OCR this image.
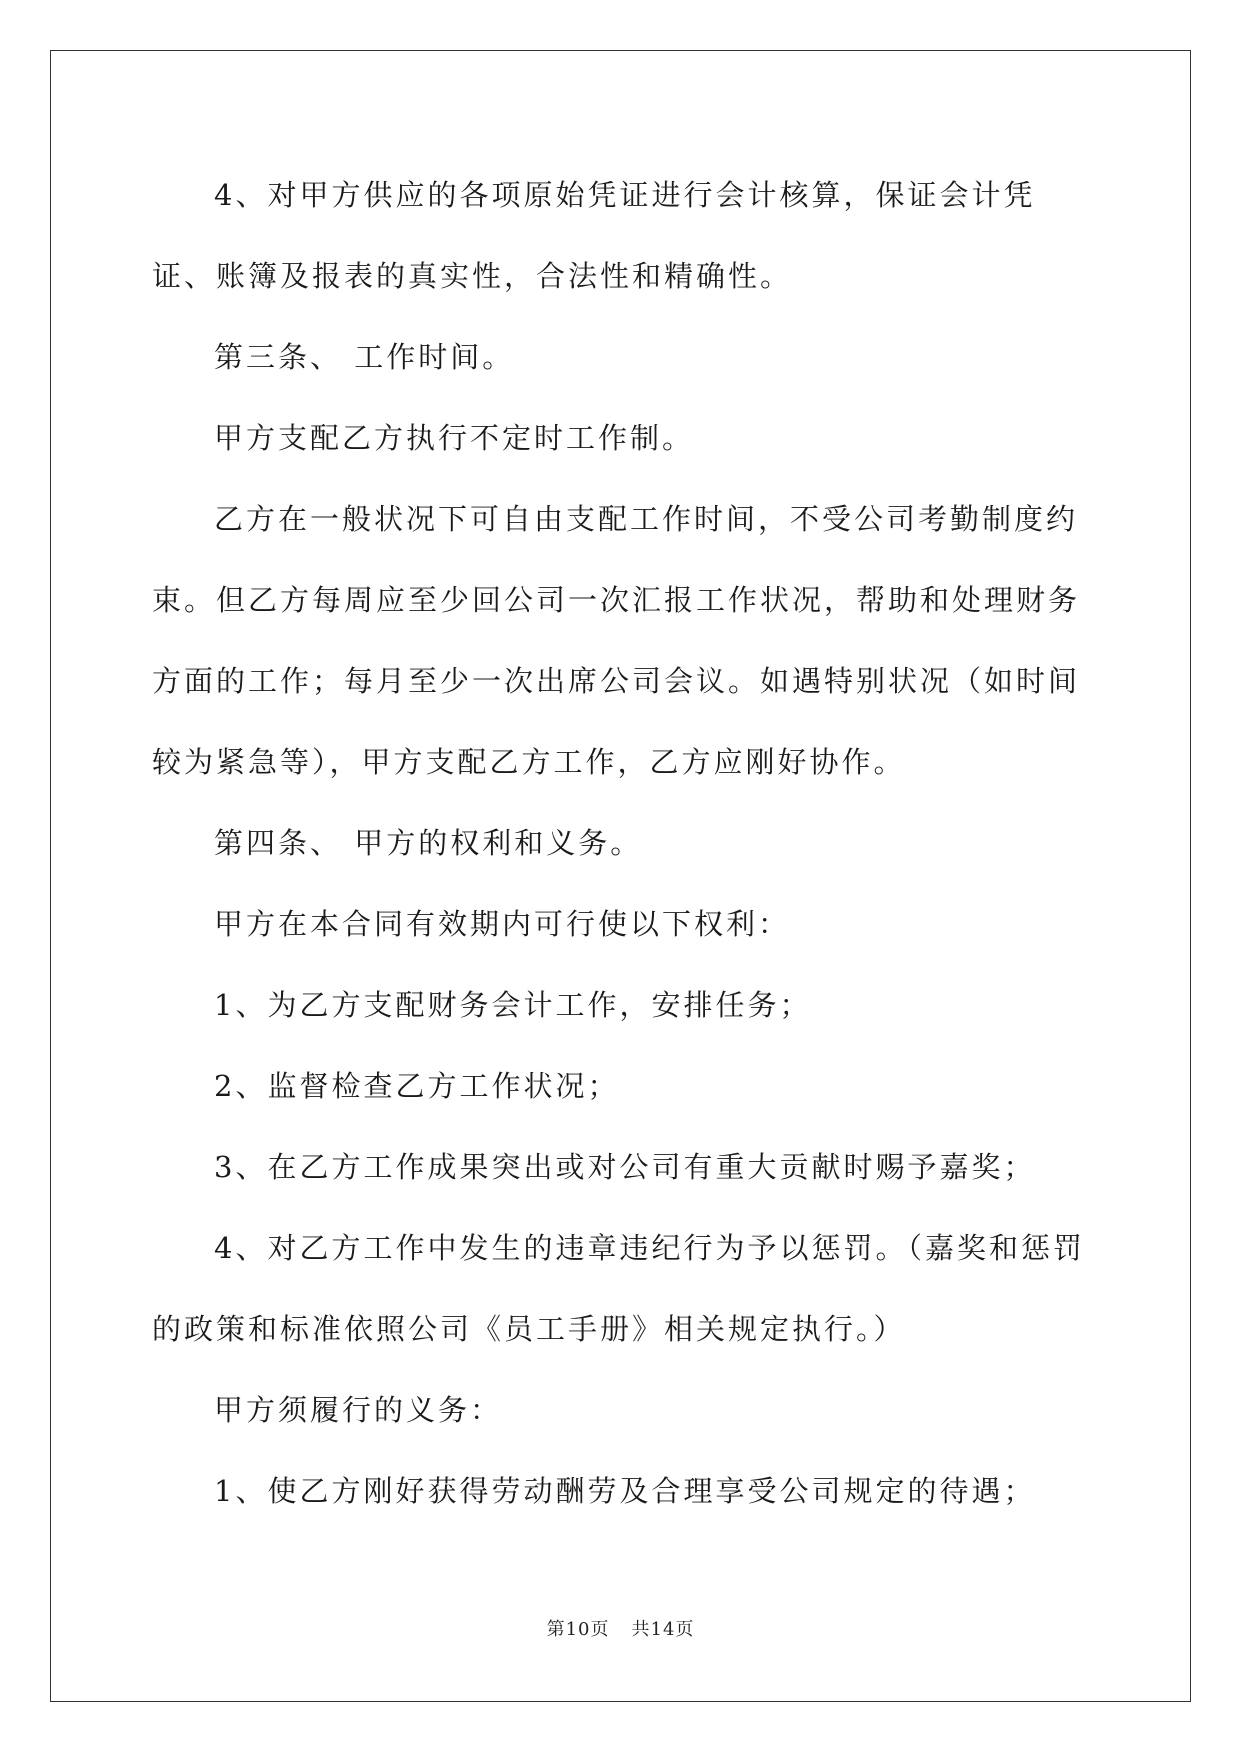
4、对甲方供应的各项原始凭证进行会计核算，保证会计凭证、账簿及报表的真实性，合法性和精确性。

第三条、 工作时间。

甲方支配乙方执行不定时工作制。

乙方在一般状况下可自由支配工作时间，不受公司考勤制度约束。但乙方每周应至少回公司一次汇报工作状况，帮助和处理财务方面的工作；每月至少一次出席公司会议。如遇特别状况（如时间较为紧急等），甲方支配乙方工作，乙方应刚好协作。

第四条、 甲方的权利和义务。

甲方在本合同有效期内可行使以下权利：

1、为乙方支配财务会计工作，安排任务；

2、监督检查乙方工作状况；

3、在乙方工作成果突出或对公司有重大贡献时赐予嘉奖；

4、对乙方工作中发生的违章违纪行为予以惩罚。（嘉奖和惩罚的政策和标准依照公司《员工手册》相关规定执行。）

甲方须履行的义务：

1、使乙方刚好获得劳动酬劳及合理享受公司规定的待遇；

第10页 共14页
